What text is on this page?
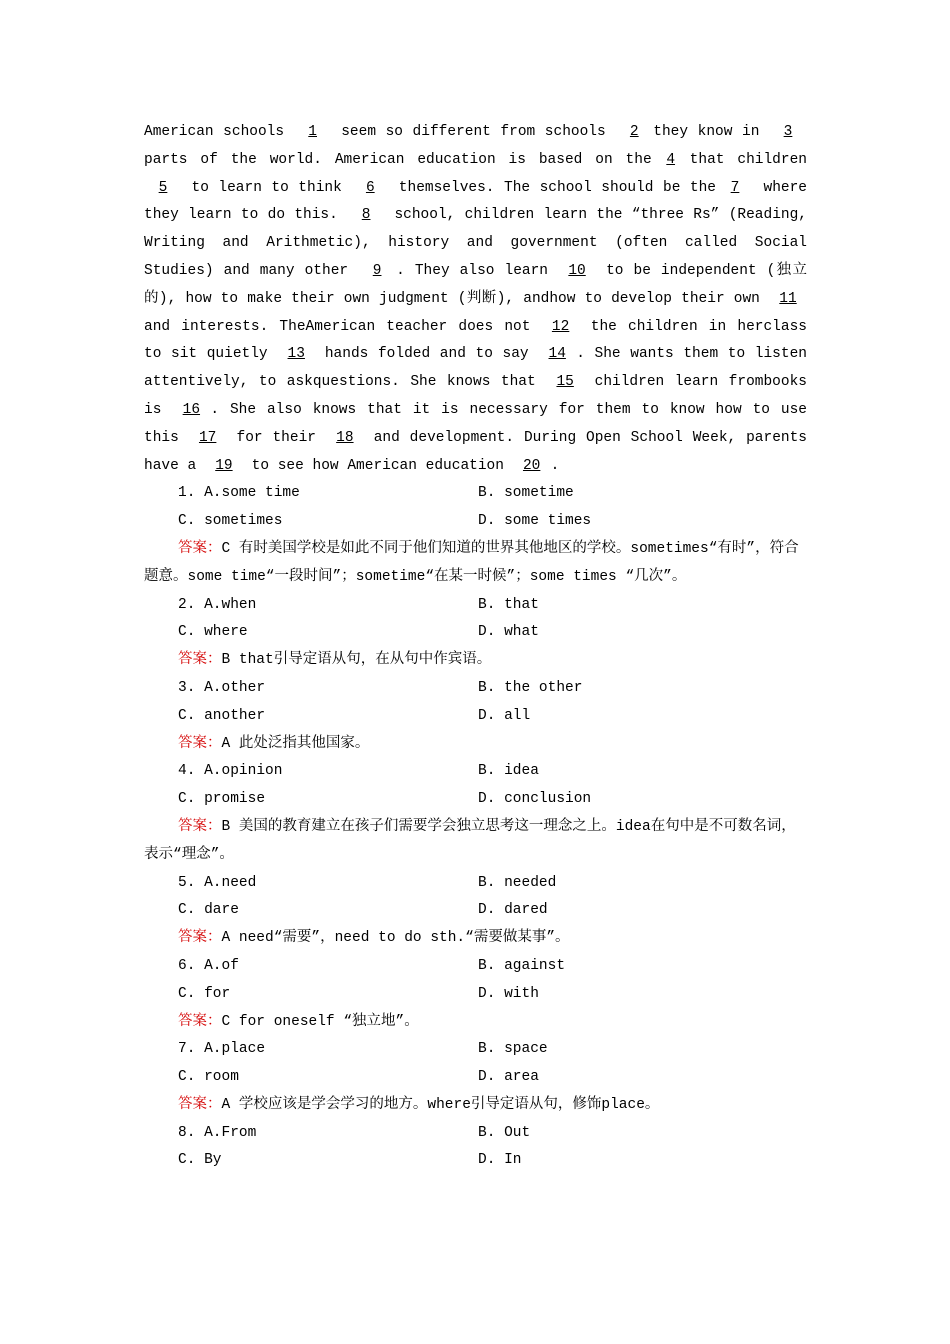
American schools 1 seem so different from schools 2 they know in 3parts of the world. American education is based on the 4 that children 5 to learn to think 6 themselves. The school should be the 7 where they learn to do this. 8 school, children learn the “three Rs” (Reading, Writing and Arithmetic), history and government (often called Social Studies) and many other 9 . They also learn 10 to be independent (独立的), how to make their own judgment (判断), andhow to develop their own 11 and interests. TheAmerican teacher does not 12 the children in herclass to sit quietly 13 hands folded and to say 14 . She wants them to listen attentively, to askquestions. She knows that 15 children learn frombooks is 16 . She also knows that it is necessary for them to know how to use this 17 for their 18 and development. During Open School Week, parents have a 19 to see how American education 20 .

1. A.some time	B. sometime
C. sometimes	D. some times

答案：C 有时美国学校是如此不同于他们知道的世界其他地区的学校。sometimes“有时”，符合题意。some time“一段时间”；sometime“在某一时候”；some times “几次”。

2. A.when	B. that
C. where	D. what

答案：B that引导定语从句，在从句中作宾语。

3. A.other	B. the other
C. another	D. all

答案：A 此处泛指其他国家。

4. A.opinion	B. idea
C. promise	D. conclusion

答案：B 美国的教育建立在孩子们需要学会独立思考这一理念之上。idea在句中是不可数名词，表示“理念”。

5. A.need	B. needed
C. dare	D. dared

答案：A need“需要”，need to do sth.“需要做某事”。

6. A.of	B. against
C. for	D. with

答案：C for oneself “独立地”。

7. A.place	B. space
C. room	D. area

答案：A 学校应该是学会学习的地方。where引导定语从句，修饰place。

8. A.From	B. Out
C. By	D. In
